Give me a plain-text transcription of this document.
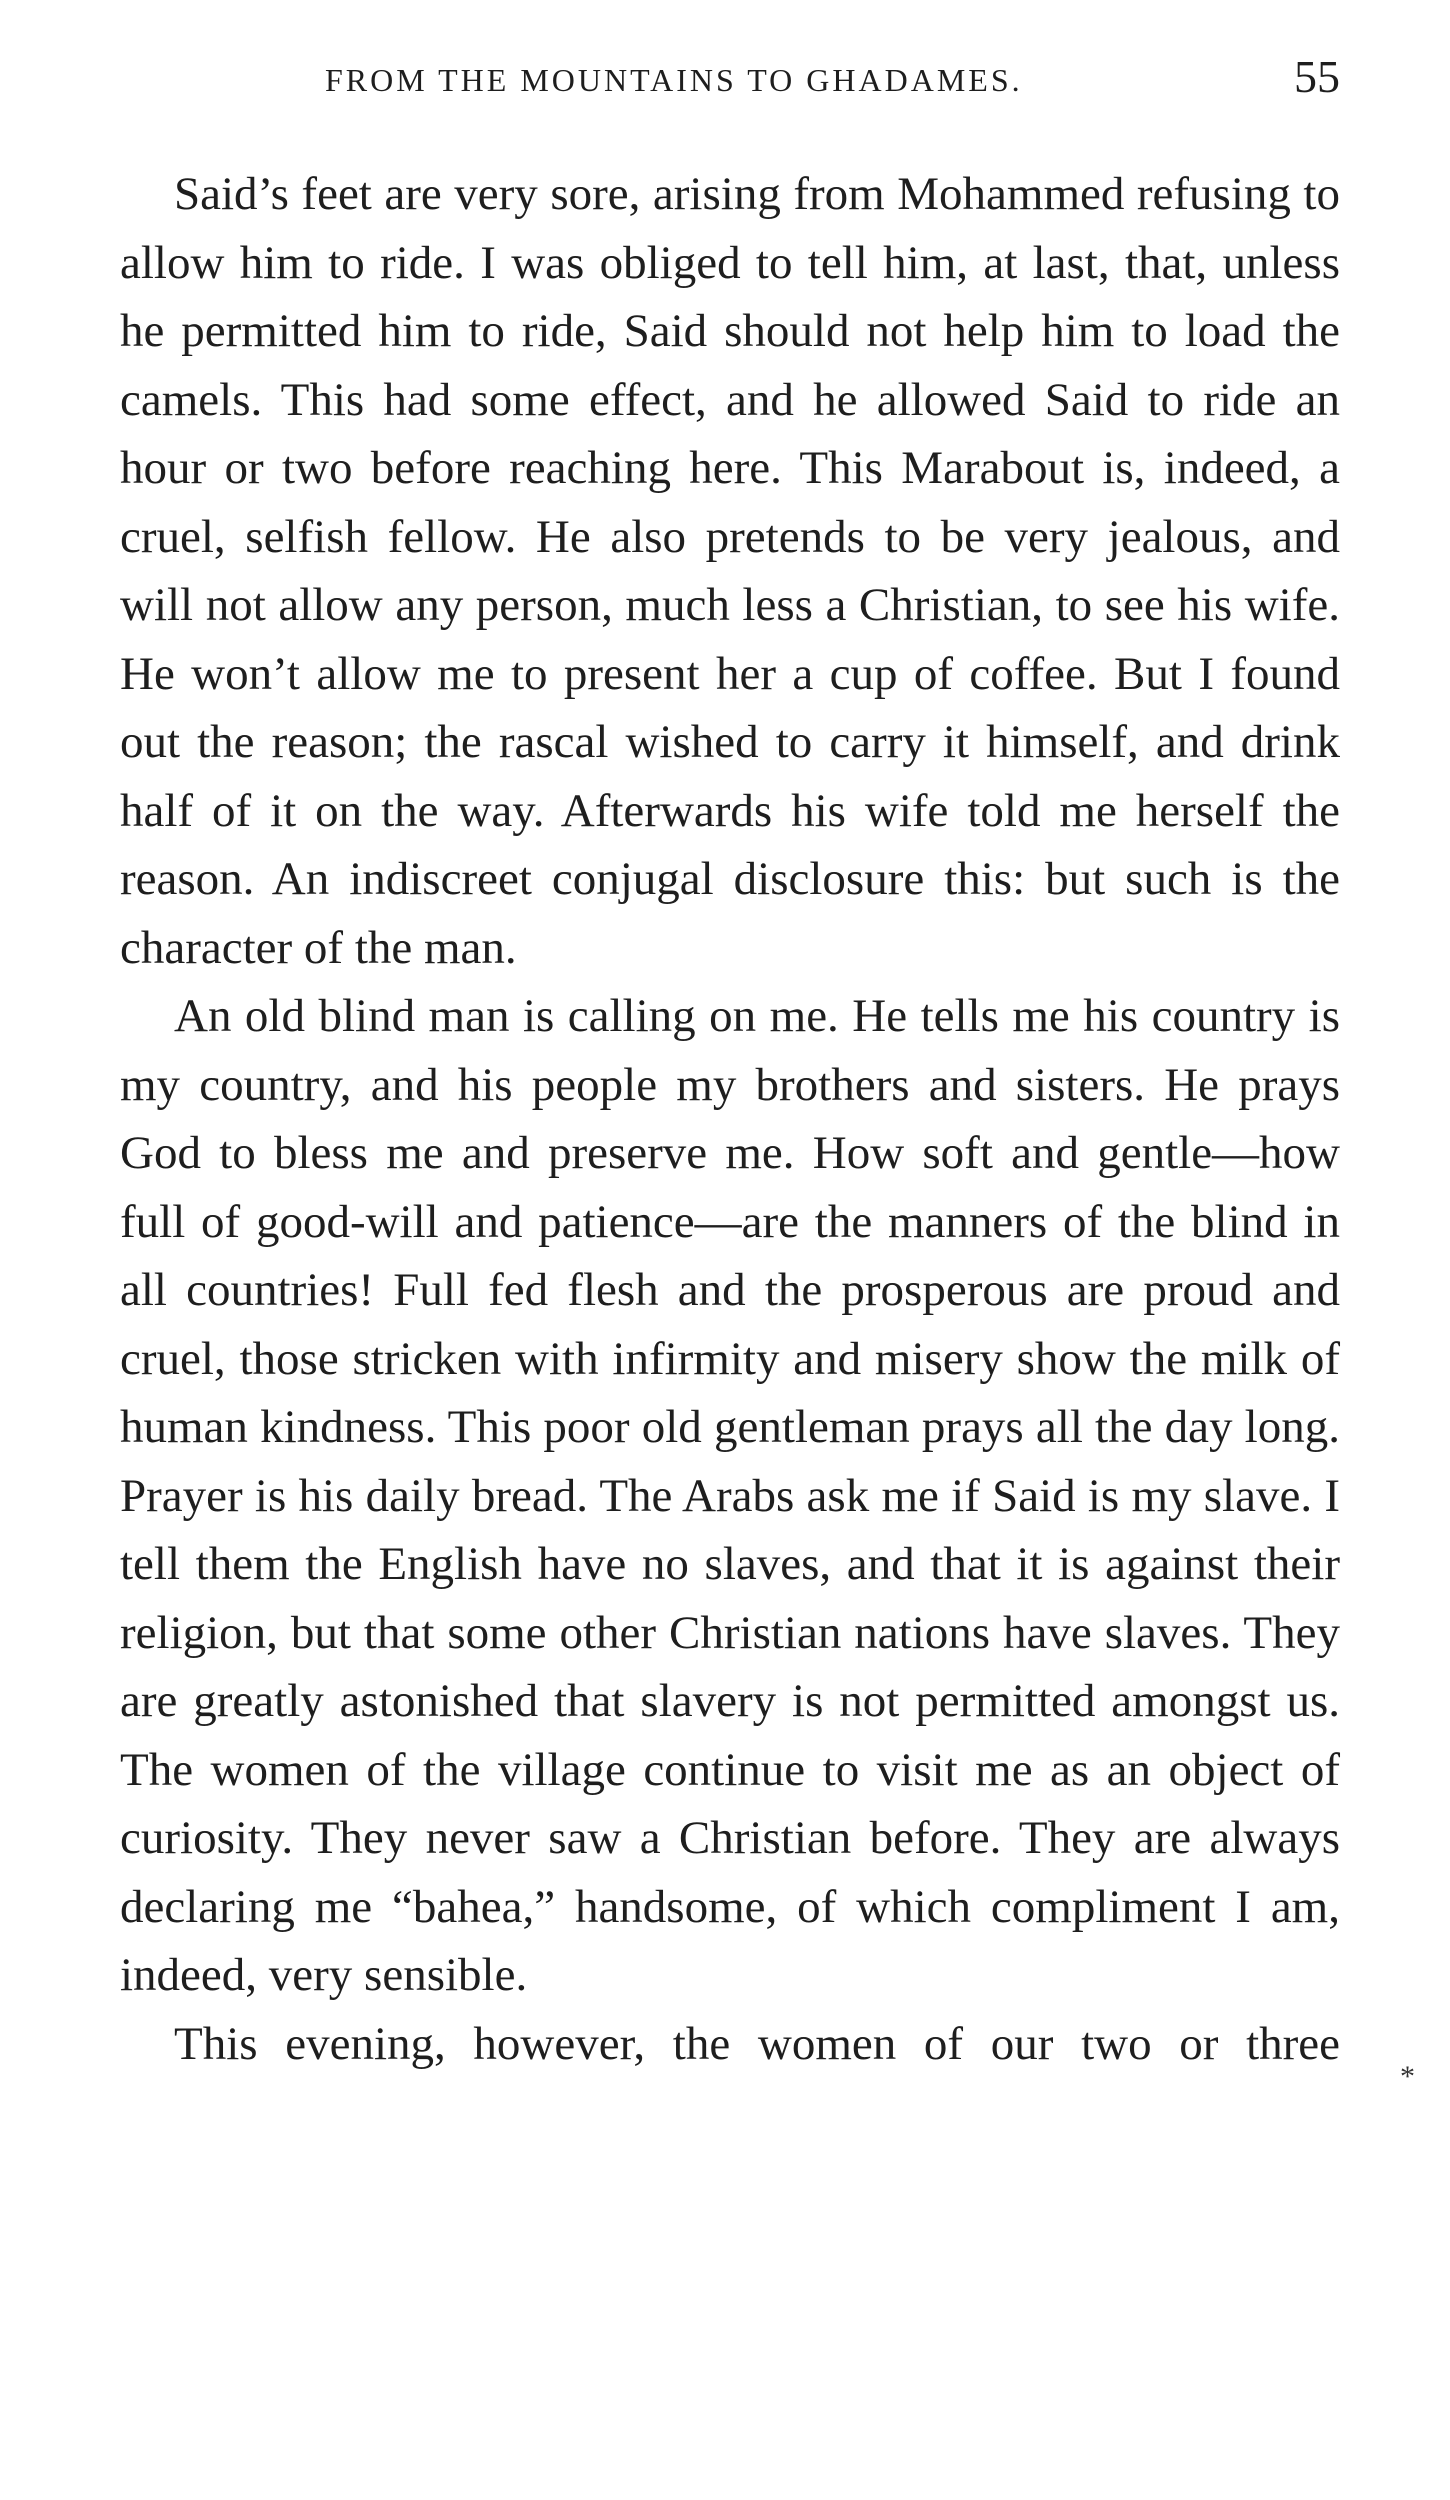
FROM THE MOUNTAINS TO GHADAMES.	55

Said’s feet are very sore, arising from Mohammed refusing to allow him to ride. I was obliged to tell him, at last, that, unless he permitted him to ride, Said should not help him to load the camels. This had some effect, and he allowed Said to ride an hour or two before reaching here. This Marabout is, indeed, a cruel, selfish fellow. He also pretends to be very jealous, and will not allow any person, much less a Christian, to see his wife. He won’t allow me to present her a cup of coffee. But I found out the reason; the rascal wished to carry it himself, and drink half of it on the way. Afterwards his wife told me herself the reason. An indiscreet conjugal disclosure this: but such is the character of the man.

An old blind man is calling on me. He tells me his country is my country, and his people my brothers and sisters. He prays God to bless me and preserve me. How soft and gentle—how full of good-will and patience—are the manners of the blind in all countries! Full fed flesh and the prosperous are proud and cruel, those stricken with infirmity and misery show the milk of human kindness. This poor old gentleman prays all the day long. Prayer is his daily bread. The Arabs ask me if Said is my slave. I tell them the English have no slaves, and that it is against their religion, but that some other Christian nations have slaves. They are greatly astonished that slavery is not permitted amongst us. The women of the village continue to visit me as an object of curiosity. They never saw a Christian before. They are always declaring me “bahea,” handsome, of which compliment I am, indeed, very sensible.

This evening, however, the women of our two or three

*
